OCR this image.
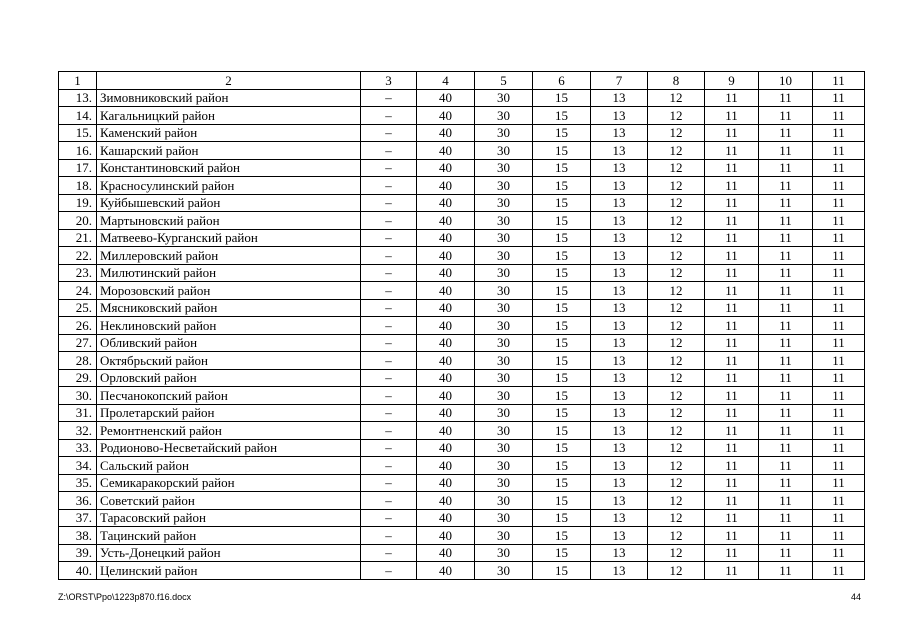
1	2	3	4	5	6	7	8	9	10	11
13.	Зимовниковский район	–	40	30	15	13	12	11	11	11
14.	Кагальницкий район	–	40	30	15	13	12	11	11	11
15.	Каменский район	–	40	30	15	13	12	11	11	11
16.	Кашарский район	–	40	30	15	13	12	11	11	11
17.	Константиновский район	–	40	30	15	13	12	11	11	11
18.	Красносулинский район	–	40	30	15	13	12	11	11	11
19.	Куйбышевский район	–	40	30	15	13	12	11	11	11
20.	Мартыновский район	–	40	30	15	13	12	11	11	11
21.	Матвеево-Курганский район	–	40	30	15	13	12	11	11	11
22.	Миллеровский район	–	40	30	15	13	12	11	11	11
23.	Милютинский район	–	40	30	15	13	12	11	11	11
24.	Морозовский район	–	40	30	15	13	12	11	11	11
25.	Мясниковский район	–	40	30	15	13	12	11	11	11
26.	Неклиновский район	–	40	30	15	13	12	11	11	11
27.	Обливский район	–	40	30	15	13	12	11	11	11
28.	Октябрьский район	–	40	30	15	13	12	11	11	11
29.	Орловский район	–	40	30	15	13	12	11	11	11
30.	Песчанокопский район	–	40	30	15	13	12	11	11	11
31.	Пролетарский район	–	40	30	15	13	12	11	11	11
32.	Ремонтненский район	–	40	30	15	13	12	11	11	11
33.	Родионово-Несветайский район	–	40	30	15	13	12	11	11	11
34.	Сальский район	–	40	30	15	13	12	11	11	11
35.	Семикаракорский район	–	40	30	15	13	12	11	11	11
36.	Советский район	–	40	30	15	13	12	11	11	11
37.	Тарасовский район	–	40	30	15	13	12	11	11	11
38.	Тацинский район	–	40	30	15	13	12	11	11	11
39.	Усть-Донецкий район	–	40	30	15	13	12	11	11	11
40.	Целинский район	–	40	30	15	13	12	11	11	11
Z:\ORST\Ppo\1223p870.f16.docx	44
